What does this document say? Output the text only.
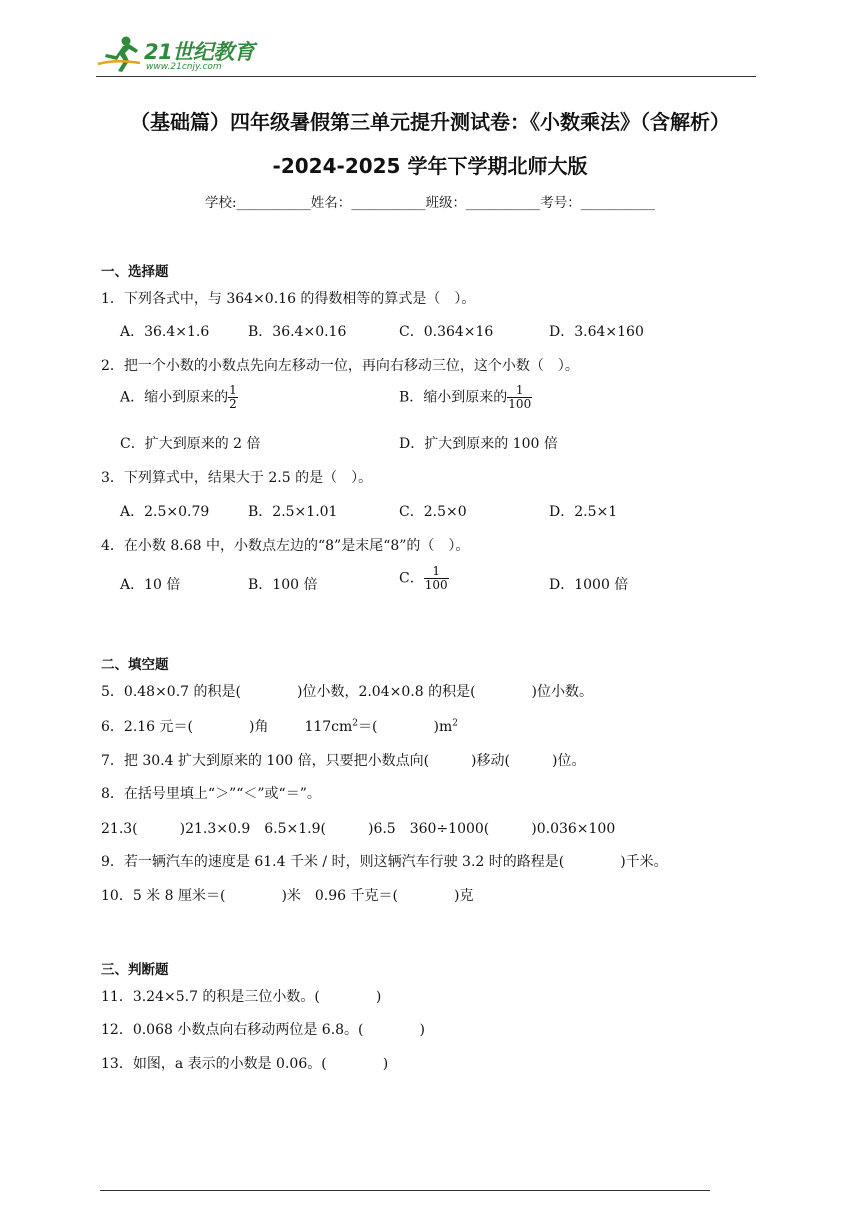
21世纪教育
www.21cnjy.com
（基础篇）四年级暑假第三单元提升测试卷：《小数乘法》（含解析）
-2024-2025 学年下学期北师大版
学校:___________姓名：___________班级：___________考号：___________
一、选择题
1．下列各式中，与 364×0.16 的得数相等的算式是（　）。
A．36.4×1.6	B．36.4×0.16	C．0.364×16	D．3.64×160
2．把一个小数的小数点先向左移动一位，再向右移动三位，这个小数（　）。
A．缩小到原来的 $\frac{1}{2}$	B．缩小到原来的 $\frac{1}{100}$
C．扩大到原来的 2 倍	D．扩大到原来的 100 倍
3．下列算式中，结果大于 2.5 的是（　）。
A．2.5×0.79	B．2.5×1.01	C．2.5×0	D．2.5×1
4．在小数 8.68 中，小数点左边的“8”是末尾“8”的（　）。
A．10 倍	B．100 倍	C． $\frac{1}{100}$	D．1000 倍
二、填空题
5．0.48×0.7 的积是(　　　　)位小数，2.04×0.8 的积是(　　　　)位小数。
6．2.16 元＝(　　　　)角	$117cm^2=$(　　　　)$m^2$
7．把 30.4 扩大到原来的 100 倍，只要把小数点向(　　　)移动(　　　)位。
8．在括号里填上“＞”“＜”或“＝”。
21.3(　　　)21.3×0.9　6.5×1.9(　　　)6.5　360÷1000(　　　)0.036×100
9．若一辆汽车的速度是 61.4 千米 / 时，则这辆汽车行驶 3.2 时的路程是(　　　　)千米。
10．5 米 8 厘米＝(　　　　)米　0.96 千克＝(　　　　)克
三、判断题
11．3.24×5.7 的积是三位小数。(　　　　)
12．0.068 小数点向右移动两位是 6.8。(　　　　)
13．如图，a 表示的小数是 0.06。(　　　　)
